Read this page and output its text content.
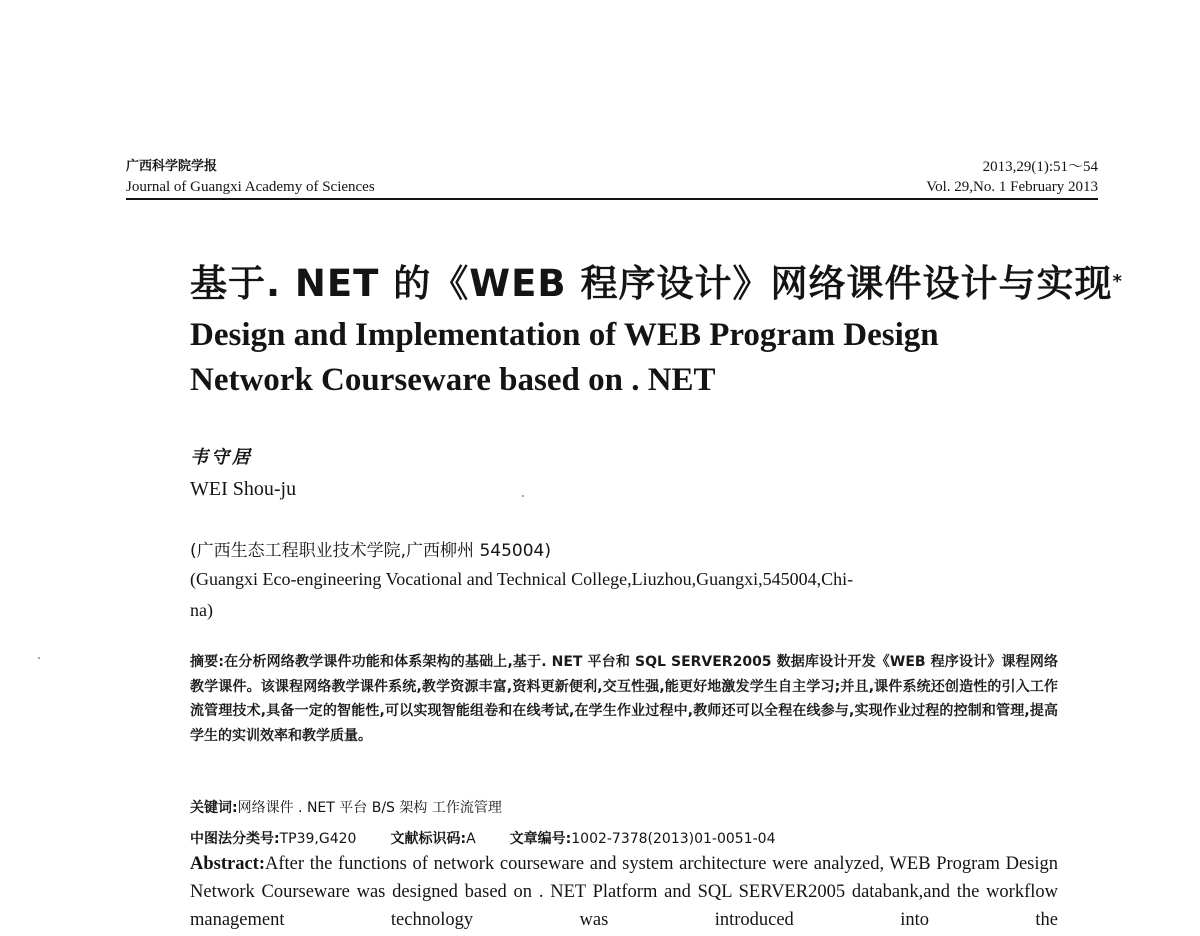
广西科学院学报
Journal of Guangxi Academy of Sciences
2013,29(1):51～54
Vol. 29,No. 1 February 2013
基于. NET 的《WEB 程序设计》网络课件设计与实现*
Design and Implementation of WEB Program Design
Network Courseware based on . NET
韦守居
WEI Shou-ju
(广西生态工程职业技术学院,广西柳州 545004)
(Guangxi Eco-engineering Vocational and Technical College,Liuzhou,Guangxi,545004,Chi-
na)
摘要:在分析网络教学课件功能和体系架构的基础上,基于. NET 平台和 SQL SERVER2005 数据库设计开发《WEB 程序设计》课程网络教学课件。该课程网络教学课件系统,教学资源丰富,资料更新便利,交互性强,能更好地激发学生自主学习;并且,课件系统还创造性的引入工作流管理技术,具备一定的智能性,可以实现智能组卷和在线考试,在学生作业过程中,教师还可以全程在线参与,实现作业过程的控制和管理,提高学生的实训效率和教学质量。
关键词:网络课件 . NET 平台 B/S 架构 工作流管理
中图法分类号:TP39,G420 文献标识码:A 文章编号:1002-7378(2013)01-0051-04
Abstract:After the functions of network courseware and system architecture were analyzed, WEB Program Design Network Courseware was designed based on . NET Platform and SQL SERVER2005 databank,and the workflow management technology was introduced into the
